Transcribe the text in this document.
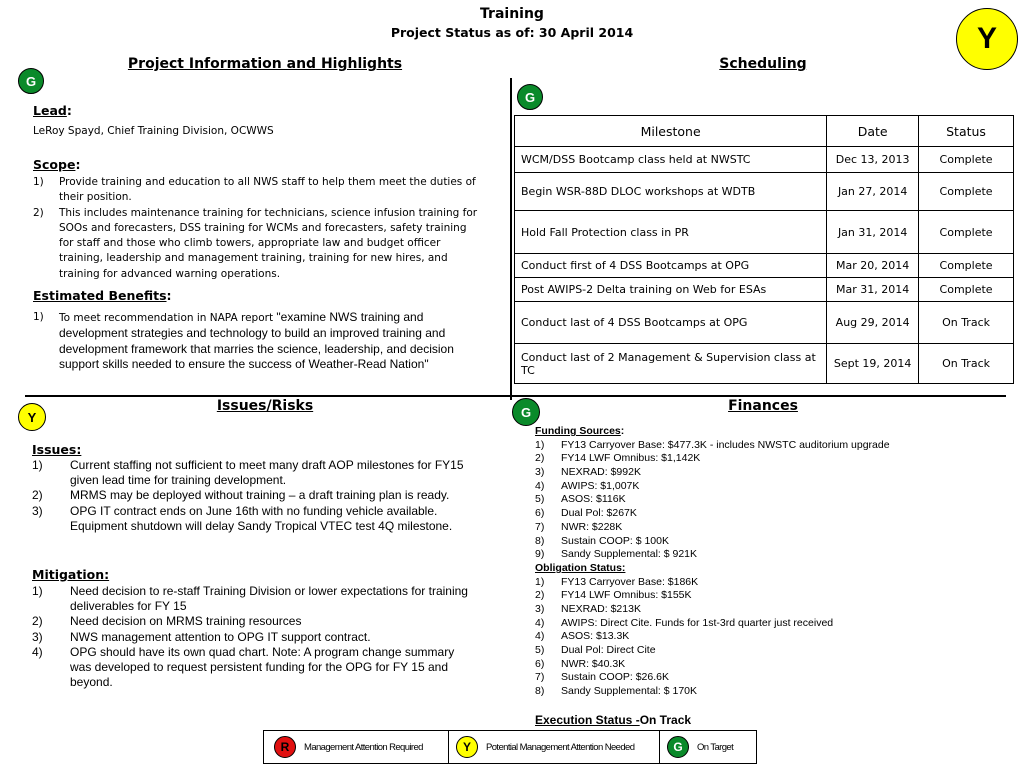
Training
Project Status as of: 30 April 2014	Y
Project Information and Highlights
G
Lead:
LeRoy Spayd, Chief Training Division, OCWWS
Scope:
1) Provide training and education to all NWS staff to help them meet the duties of their position.
2) This includes maintenance training for technicians, science infusion training for SOOs and forecasters, DSS training for WCMs and forecasters, safety training for staff and those who climb towers, appropriate law and budget officer training, leadership and management training, training for new hires, and training for advanced warning operations.
Estimated Benefits:
1) To meet recommendation in NAPA report "examine NWS training and development strategies and technology to build an improved training and development framework that marries the science, leadership, and decision support skills needed to ensure the success of Weather-Read Nation"
Scheduling
G
Milestone	Date	Status
WCM/DSS Bootcamp class held at NWSTC	Dec 13, 2013	Complete
Begin WSR-88D DLOC workshops at WDTB	Jan 27, 2014	Complete
Hold Fall Protection class in PR	Jan 31, 2014	Complete
Conduct first of 4 DSS Bootcamps at OPG	Mar 20, 2014	Complete
Post AWIPS-2 Delta training on Web for ESAs	Mar 31, 2014	Complete
Conduct last of 4 DSS Bootcamps at OPG	Aug 29, 2014	On Track
Conduct last of 2 Management & Supervision class at TC	Sept 19, 2014	On Track
Issues/Risks
Y
Issues:
1) Current staffing not sufficient to meet many draft AOP milestones for FY15 given lead time for training development.
2) MRMS may be deployed without training – a draft training plan is ready.
3) OPG IT contract ends on June 16th with no funding vehicle available. Equipment shutdown will delay Sandy Tropical VTEC test 4Q milestone.
Mitigation:
1) Need decision to re-staff Training Division or lower expectations for training deliverables for FY 15
2) Need decision on MRMS training resources
3) NWS management attention to OPG IT support contract.
4) OPG should have its own quad chart. Note: A program change summary was developed to request persistent funding for the OPG for FY 15 and beyond.
Finances
G
Funding Sources:
1) FY13 Carryover Base: $477.3K - includes NWSTC auditorium upgrade
2) FY14 LWF Omnibus: $1,142K
3) NEXRAD: $992K
4) AWIPS: $1,007K
5) ASOS: $116K
6) Dual Pol: $267K
7) NWR: $228K
8) Sustain COOP: $ 100K
9) Sandy Supplemental: $ 921K
Obligation Status:
1) FY13 Carryover Base: $186K
2) FY14 LWF Omnibus: $155K
3) NEXRAD: $213K
4) AWIPS: Direct Cite. Funds for 1st-3rd quarter just received
4) ASOS: $13.3K
5) Dual Pol: Direct Cite
6) NWR: $40.3K
7) Sustain COOP: $26.6K
8) Sandy Supplemental: $ 170K
Execution Status -On Track
R	Management Attention Required	Y	Potential Management Attention Needed	G	On Target
